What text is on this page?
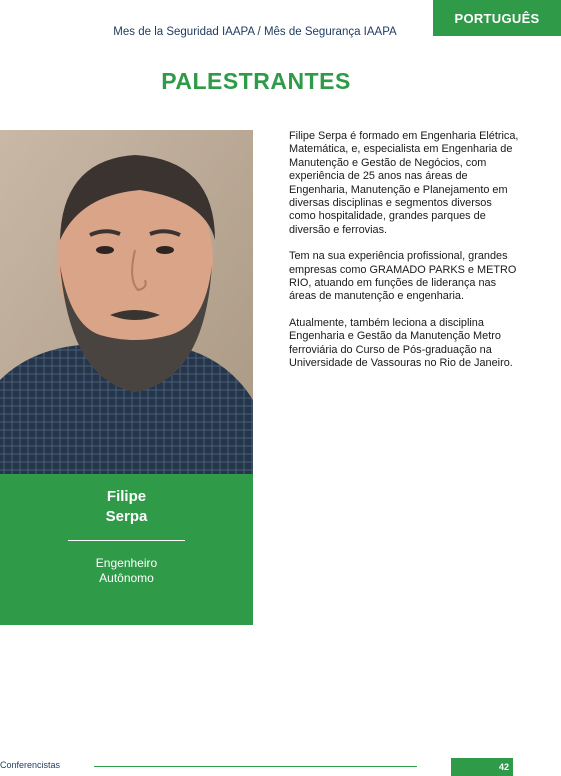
PORTUGUÊS
Mes de la Seguridad IAAPA / Mês de Segurança IAAPA
PALESTRANTES
Filipe
Serpa
Engenheiro
Autônomo

Filipe Serpa é formado em Engenharia Elétrica, Matemática, e, especialista em Engenharia de Manutenção e Gestão de Negócios, com experiência de 25 anos nas áreas de Engenharia, Manutenção e Planejamento em diversas disciplinas e segmentos diversos como hospitalidade, grandes parques de diversão e ferrovias.

Tem na sua experiência profissional, grandes empresas como GRAMADO PARKS e METRO RIO, atuando em funções de liderança nas áreas de manutenção e engenharia.

Atualmente, também leciona a disciplina Engenharia e Gestão da Manutenção Metro ferroviária do Curso de Pós-graduação na Universidade de Vassouras no Rio de Janeiro.

Conferencistas	42
